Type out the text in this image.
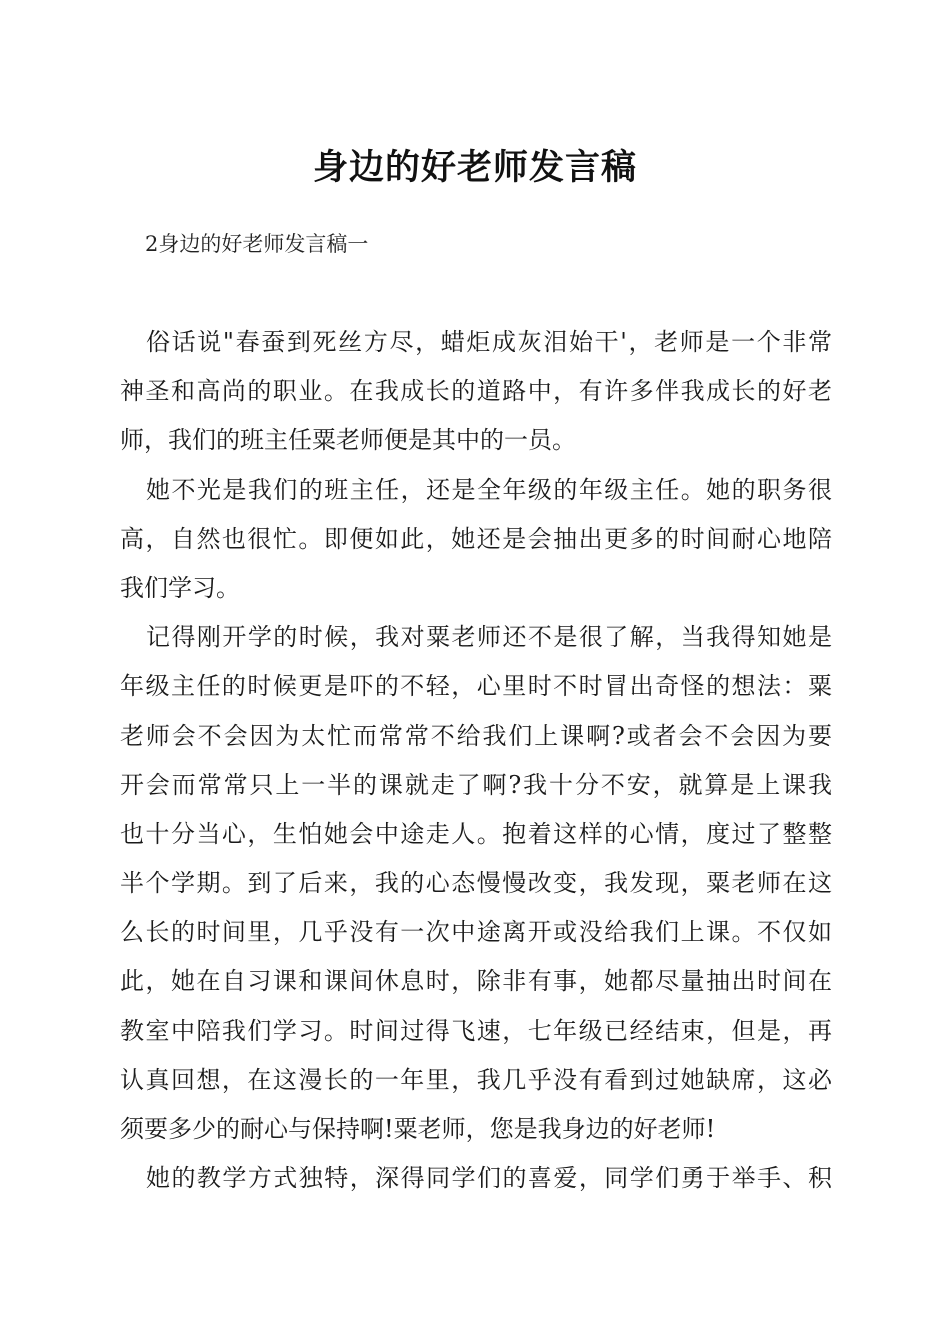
身边的好老师发言稿
2身边的好老师发言稿一
俗话说"春蚕到死丝方尽，蜡炬成灰泪始干'，老师是一个非常
神圣和高尚的职业。在我成长的道路中，有许多伴我成长的好老
师，我们的班主任粟老师便是其中的一员。
她不光是我们的班主任，还是全年级的年级主任。她的职务很
高，自然也很忙。即便如此，她还是会抽出更多的时间耐心地陪
我们学习。
记得刚开学的时候，我对粟老师还不是很了解，当我得知她是
年级主任的时候更是吓的不轻，心里时不时冒出奇怪的想法：粟
老师会不会因为太忙而常常不给我们上课啊?或者会不会因为要
开会而常常只上一半的课就走了啊?我十分不安，就算是上课我
也十分当心，生怕她会中途走人。抱着这样的心情，度过了整整
半个学期。到了后来，我的心态慢慢改变，我发现，粟老师在这
么长的时间里，几乎没有一次中途离开或没给我们上课。不仅如
此，她在自习课和课间休息时，除非有事，她都尽量抽出时间在
教室中陪我们学习。时间过得飞速，七年级已经结束，但是，再
认真回想，在这漫长的一年里，我几乎没有看到过她缺席，这必
须要多少的耐心与保持啊!粟老师，您是我身边的好老师!
她的教学方式独特，深得同学们的喜爱，同学们勇于举手、积
